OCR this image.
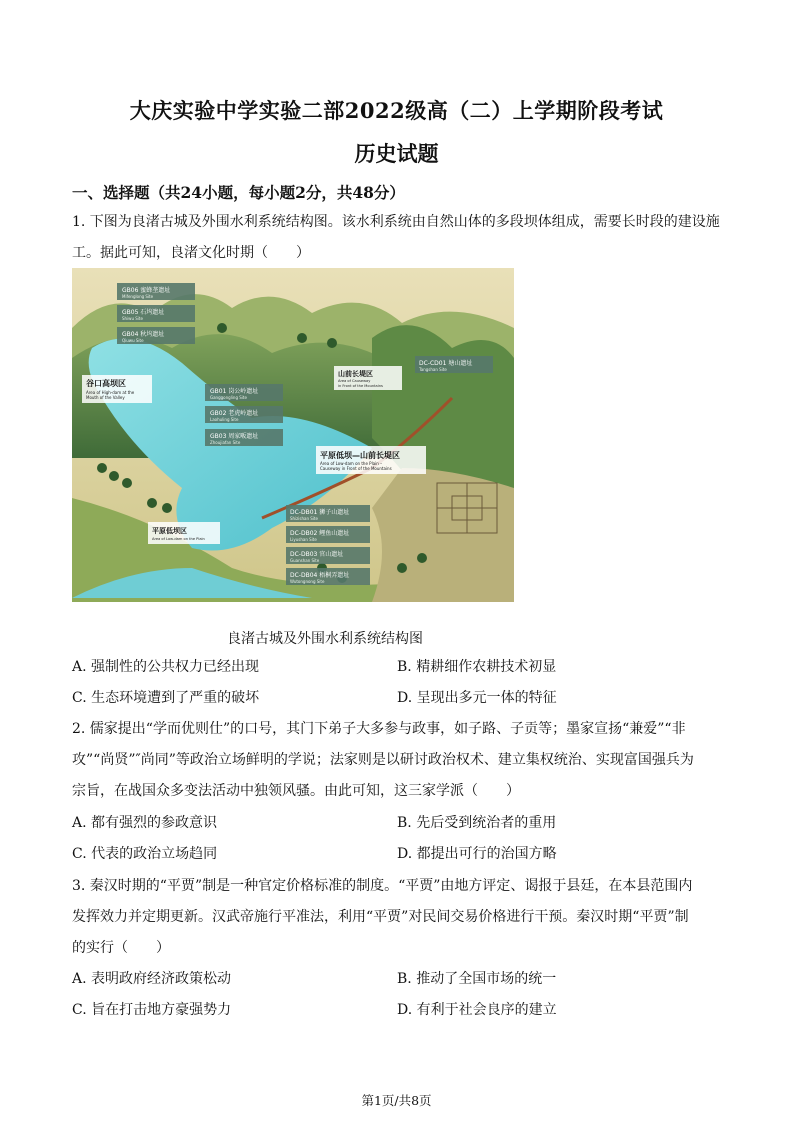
大庆实验中学实验二部2022级高（二）上学期阶段考试
历史试题
一、选择题（共24小题，每小题2分，共48分）
1. 下图为良渚古城及外围水利系统结构图。该水利系统由自然山体的多段坝体组成，需要长时段的建设施
工。据此可知，良渚文化时期（　　）
GB06 蜜蜂垄遗址
Mifenglong Site
GB05 石坞遗址
Shiwu Site
GB04 秋坞遗址
Qiuwu Site
谷口高坝区
Area of High-dam at the
Mouth of the Valley
GB01 岗公岭遗址
Ganggongling Site
GB02 老虎岭遗址
Laohuling Site
GB03 周家畈遗址
Zhoujiafan Site
山前长堤区
Area of Causeway
in Front of the Mountains
DC-CD01 塘山遗址
Tangshan Site
平原低坝—山前长堤区
Area of Low-dam on the Plain –
Causeway in Front of the Mountains
平原低坝区
Area of Low-dam on the Plain
DC-DB01 狮子山遗址
Shizishan Site
DC-DB02 鲤鱼山遗址
Liyushan Site
DC-DB03 官山遗址
Guanshan Site
DC-DB04 梧桐弄遗址
Wutongnong Site
良渚古城及外围水利系统结构图
A. 强制性的公共权力已经出现	B. 精耕细作农耕技术初显
C. 生态环境遭到了严重的破坏	D. 呈现出多元一体的特征
2. 儒家提出“学而优则仕”的口号，其门下弟子大多参与政事，如子路、子贡等；墨家宣扬“兼爱”“非
攻”“尚贤”″尚同”等政治立场鲜明的学说；法家则是以研讨政治权术、建立集权统治、实现富国强兵为
宗旨，在战国众多变法活动中独领风骚。由此可知，这三家学派（　　）
A. 都有强烈的参政意识	B. 先后受到统治者的重用
C. 代表的政治立场趋同	D. 都提出可行的治国方略
3. 秦汉时期的“平贾”制是一种官定价格标准的制度。“平贾”由地方评定、谒报于县廷，在本县范围内
发挥效力并定期更新。汉武帝施行平准法，利用“平贾”对民间交易价格进行干预。秦汉时期“平贾”制
的实行（　　）
A. 表明政府经济政策松动	B. 推动了全国市场的统一
C. 旨在打击地方豪强势力	D. 有利于社会良序的建立
第1页/共8页
